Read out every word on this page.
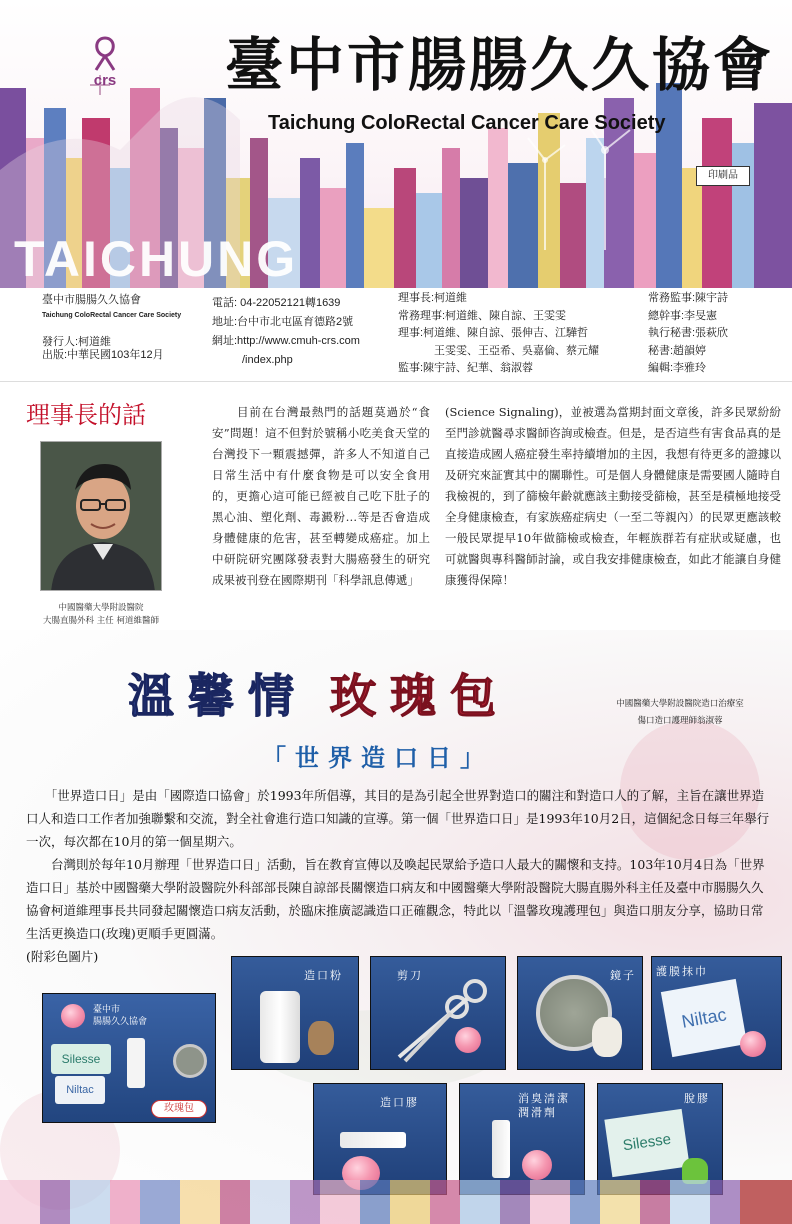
crs 臺中市腸腸久久協會
Taichung ColoRectal Cancer Care Society
印刷品
TAICHUNG
臺中市腸腸久久協會
Taichung ColoRectal Cancer Care Society
發行人:柯道維
出版:中華民國103年12月
電話: 04-22052121轉1639
地址:台中市北屯區育德路2號
網址:http://www.cmuh-crs.com
/index.php
理事長:柯道維
常務理事:柯道維、陳自諒、王雯雯
理事:柯道維、陳自諒、張伸吉、江驊哲
王雯雯、王亞希、吳嘉倫、蔡元耀
監事:陳宇詩、紀華、翁淑蓉
常務監事:陳宇詩
總幹事:李旻憲
執行秘書:張萩欣
秘書:趙韻婷
編輯:李雅玲
理事長的話
中國醫藥大學附設醫院
大腸直腸外科 主任 柯道維醫師
　　目前在台灣最熱門的話題莫過於“食安”問題！這不但對於號稱小吃美食天堂的台灣投下一顆震撼彈，許多人不知道自己日常生活中有什麼食物是可以安全食用的，更擔心這可能已經被自己吃下肚子的黑心油、塑化劑、毒澱粉…等是否會造成身體健康的危害，甚至轉變成癌症。加上中研院研究團隊發表對大腸癌發生的研究成果被刊登在國際期刊「科學訊息傳遞」
(Science Signaling)，並被選為當期封面文章後，許多民眾紛紛至門診就醫尋求醫師咨詢或檢查。但是，是否這些有害食品真的是直接造成國人癌症發生率持續增加的主因，我想有待更多的證據以及研究來証實其中的關聯性。可是個人身體健康是需要國人隨時自我檢視的，到了篩檢年齡就應該主動接受篩檢，甚至是積極地接受全身健康檢查，有家族癌症病史（一至二等親內）的民眾更應該較一般民眾提早10年做篩檢或檢查，年輕族群若有症狀或疑慮，也可就醫與專科醫師討論，或自我安排健康檢查，如此才能讓自身健康獲得保障！
溫馨情 玫瑰包	中國醫藥大學附設醫院造口治療室
傷口造口護理師翁淑蓉
「世界造口日」
　　「世界造口日」是由「國際造口協會」於1993年所倡導，其目的是為引起全世界對造口的關注和對造口人的了解，主旨在讓世界造口人和造口工作者加強聯繫和交流，對全社會進行造口知識的宣導。第一個「世界造口日」是1993年10月2日，這個紀念日每三年舉行一次，每次都在10月的第一個星期六。
　　台灣則於每年10月辦理「世界造口日」活動，旨在教育宣傳以及喚起民眾給予造口人最大的關懷和支持。103年10月4日為「世界造口日」基於中國醫藥大學附設醫院外科部部長陳自諒部長關懷造口病友和中國醫藥大學附設醫院大腸直腸外科主任及臺中市腸腸久久協會柯道維理事長共同發起關懷造口病友活動，於臨床推廣認識造口正確觀念，特此以「溫馨玫瑰護理包」與造口朋友分享，協助日常生活更換造口(玫瑰)更順手更圓滿。
(附彩色圖片)
臺中市
腸腸久久協會
Silesse
Niltac
玫瑰包
造口粉	剪刀	鏡子 護膜抹巾
Niltac
造口膠	消臭清潔
潤滑劑
脫膠
Silesse
